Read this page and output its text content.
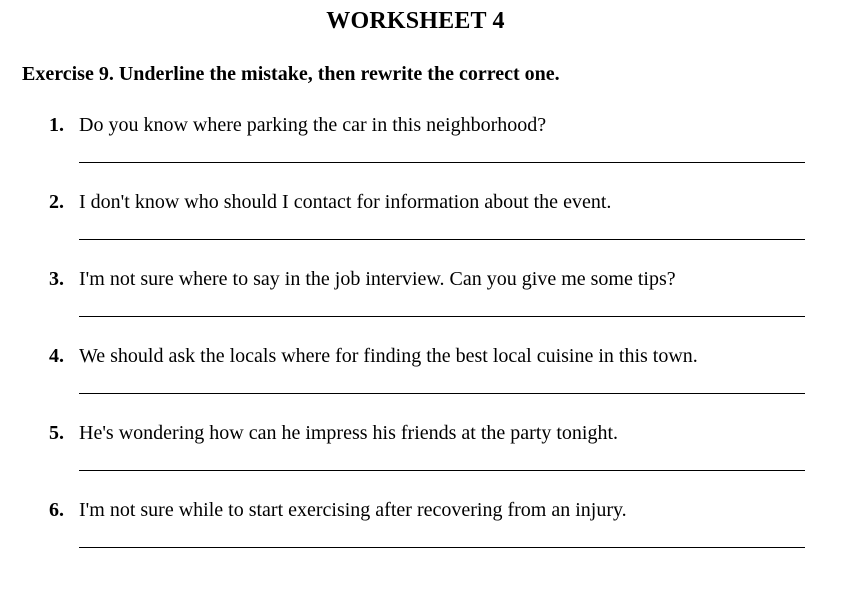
WORKSHEET 4
Exercise 9. Underline the mistake, then rewrite the correct one.
1. Do you know where parking the car in this neighborhood?
2. I don't know who should I contact for information about the event.
3. I'm not sure where to say in the job interview. Can you give me some tips?
4. We should ask the locals where for finding the best local cuisine in this town.
5. He's wondering how can he impress his friends at the party tonight.
6. I'm not sure while to start exercising after recovering from an injury.
